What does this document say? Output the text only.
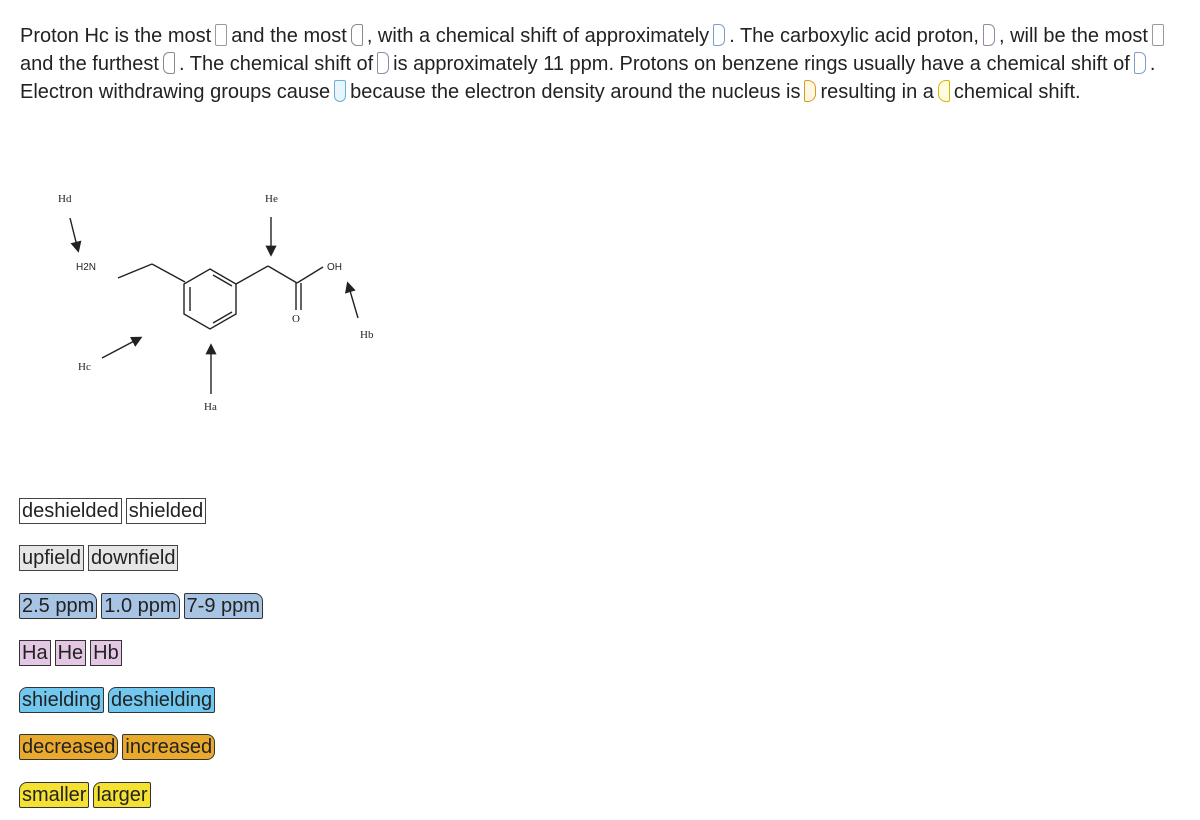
Proton Hc is the most and the most , with a chemical shift of approximately . The carboxylic acid proton, , will be the mostand the furthest . The chemical shift of is approximately 11 ppm. Protons on benzene rings usually have a chemical shift of . Electron withdrawing groups cause because the electron density around the nucleus is resulting in a chemical shift.
Hd	He
Hb
Hc
Ha
O
H2N	OH
deshielded shielded
upfield downfield
2.5 ppm 1.0 ppm 7-9 ppm
Ha He Hb
shielding deshielding
decreased increased
smaller larger
